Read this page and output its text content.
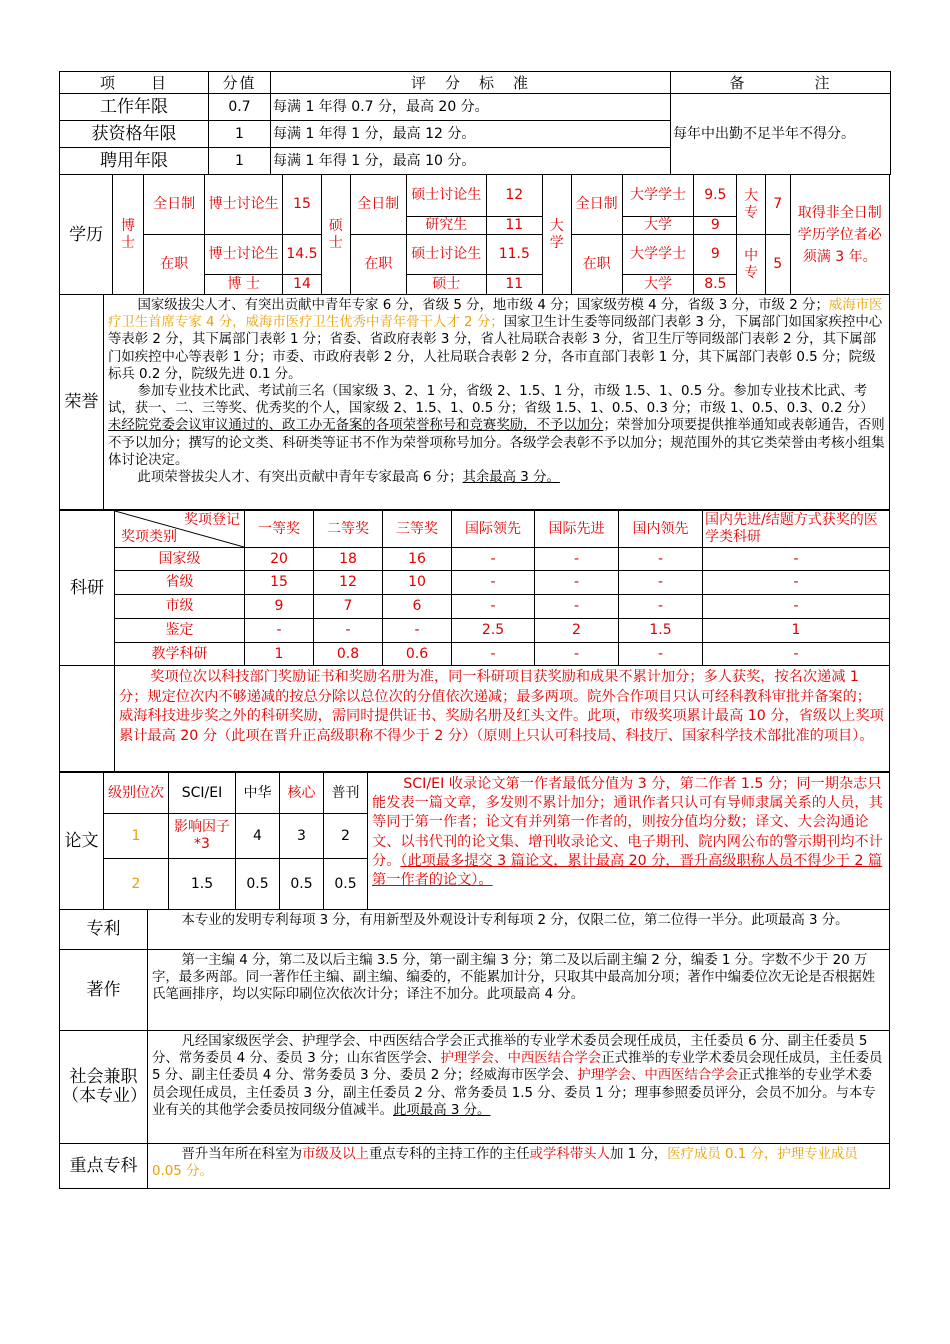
项　　目	分值	评　分　标　准	备　　　　注
工作年限	0.7	每满 1 年得 0.7 分，最高 20 分。	每年中出勤不足半年不得分。
获资格年限	1	每满 1 年得 1 分，最高 12 分。	
聘用年限	1	每满 1 年得 1 分，最高 10 分。	
学历	博士	全日制	博士讨论生	15	硕士	全日制	硕士讨论生	12	大学	全日制	大学学士	9.5	大专	7	取得非全日制学历学位者必须满 3 年。
							研究生	11			大学	9			
		在职	博士讨论生	14.5		在职	硕士讨论生	11.5		在职	大学学士	9	中专	5	
			博 士	14			硕士	11			大学	8.5			
荣誉	

国家级拔尖人才、有突出贡献中青年专家 6 分，省级 5 分，地市级 4 分；国家级劳模 4 分，省级 3 分，市级 2 分；威海市医疗卫生首席专家 4 分，威海市医疗卫生优秀中青年骨干人才 2 分；国家卫生计生委等同级部门表彰 3 分，下属部门如国家疾控中心等表彰 2 分，其下属部门表彰 1 分；省委、省政府表彰 3 分，省人社局联合表彰 3 分，省卫生厅等同级部门表彰 2 分，其下属部门如疾控中心等表彰 1 分；市委、市政府表彰 2 分，人社局联合表彰 2 分，各市直部门表彰 1 分，其下属部门表彰 0.5 分；院级标兵 0.2 分，院级先进 0.1 分。

参加专业技术比武、考试前三名（国家级 3、2、1 分，省级 2、1.5、1 分，市级 1.5、1、0.5 分。参加专业技术比武、考试，获一、二、三等奖、优秀奖的个人，国家级 2、1.5、1、0.5 分；省级 1.5、1、0.5、0.3 分；市级 1、0.5、0.3、0.2 分）未经院党委会议审议通过的、政工办无备案的各项荣誉称号和竞赛奖励，不予以加分；荣誉加分项要提供推举通知或表彰通告，否则不予以加分；撰写的论文类、科研类等证书不作为荣誉项称号加分。各级学会表彰不予以加分；规范围外的其它类荣誉由考核小组集体讨论决定。

此项荣誉拔尖人才、有突出贡献中青年专家最高 6 分；其余最高 3 分。

科研	奖项登记
奖项类别	一等奖	二等奖	三等奖	国际领先	国际先进	国内领先	国内先进/结题方式获奖的医学类科研
	国家级	20	18	16	-	-	-	-
	省级	15	12	10	-	-	-	-
	市级	9	7	6	-	-	-	-
	鉴定	-	-	-	2.5	2	1.5	1
	教学科研	1	0.8	0.6	-	-	-	-

奖项位次以科技部门奖励证书和奖励名册为准，同一科研项目获奖励和成果不累计加分；多人获奖，按名次递减 1 分；规定位次内不够递减的按总分除以总位次的分值依次递减；最多两项。院外合作项目只认可经科教科审批并备案的；威海科技进步奖之外的科研奖励，需同时提供证书、奖励名册及红头文件。此项，市级奖项累计最高 10 分，省级以上奖项累计最高 20 分（此项在晋升正高级职称不得少于 2 分）（原则上只认可科技局、科技厅、国家科学技术部批准的项目）。

论文	级别位次	SCI/EI	中华	核心	普刊	SCI/EI 收录论文第一作者最低分值为 3 分，第二作者 1.5 分；同一期杂志只能发表一篇文章，多发则不累计加分；通讯作者只认可有导师隶属关系的人员，其等同于第一作者；论文有并列第一作者的，则按分值均分数；译文、大会沟通论文、以书代刊的论文集、增刊收录论文、电子期刊、院内网公布的警示期刊均不计分。（此项最多提交 3 篇论文，累计最高 20 分，晋升高级职称人员不得少于 2 篇第一作者的论文）。

	1	影响因子*3	4	3	2	
	2	1.5	0.5	0.5	0.5	
专利	本专业的发明专利每项 3 分，有用新型及外观设计专利每项 2 分，仅限二位，第二位得一半分。此项最高 3 分。

著作	第一主编 4 分，第二及以后主编 3.5 分，第一副主编 3 分；第二及以后副主编 2 分，编委 1 分。字数不少于 20 万字，最多两部。同一著作任主编、副主编、编委的，不能累加计分，只取其中最高加分项；著作中编委位次无论是否根据姓氏笔画排序，均以实际印刷位次依次计分；译注不加分。此项最高 4 分。

社会兼职（本专业）	凡经国家级医学会、护理学会、中西医结合学会正式推举的专业学术委员会现任成员，主任委员 6 分、副主任委员 5 分、常务委员 4 分、委员 3 分；山东省医学会、护理学会、中西医结合学会正式推举的专业学术委员会现任成员，主任委员 5 分、副主任委员 4 分、常务委员 3 分、委员 2 分；经威海市医学会、护理学会、中西医结合学会正式推举的专业学术委员会现任成员，主任委员 3 分，副主任委员 2 分、常务委员 1.5 分、委员 1 分；理事参照委员评分，会员不加分。与本专业有关的其他学会委员按同级分值减半。此项最高 3 分。

重点专科	晋升当年所在科室为市级及以上重点专科的主持工作的主任或学科带头人加 1 分，医疗成员 0.1 分，护理专业成员 0.05 分。
